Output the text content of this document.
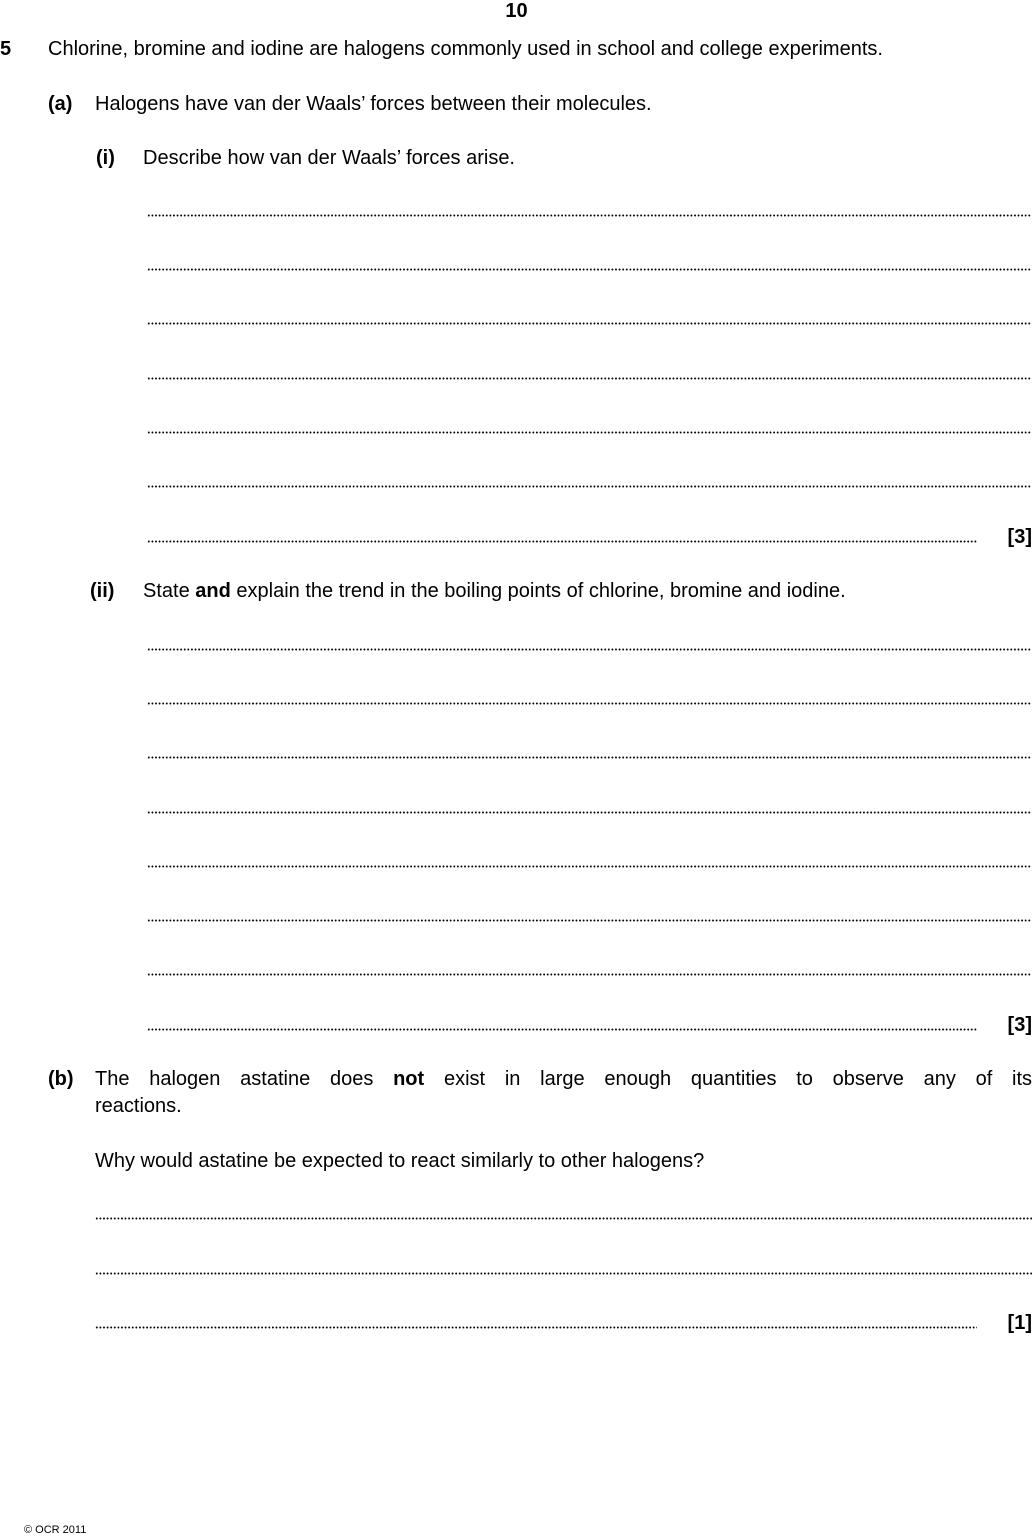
10
5 Chlorine, bromine and iodine are halogens commonly used in school and college experiments.
(a) Halogens have van der Waals’ forces between their molecules.
(i) Describe how van der Waals’ forces arise.
[3]
(ii) State and explain the trend in the boiling points of chlorine, bromine and iodine.
[3]
(b) The halogen astatine does not exist in large enough quantities to observe any of its
reactions.
Why would astatine be expected to react similarly to other halogens?
[1]
© OCR 2011
